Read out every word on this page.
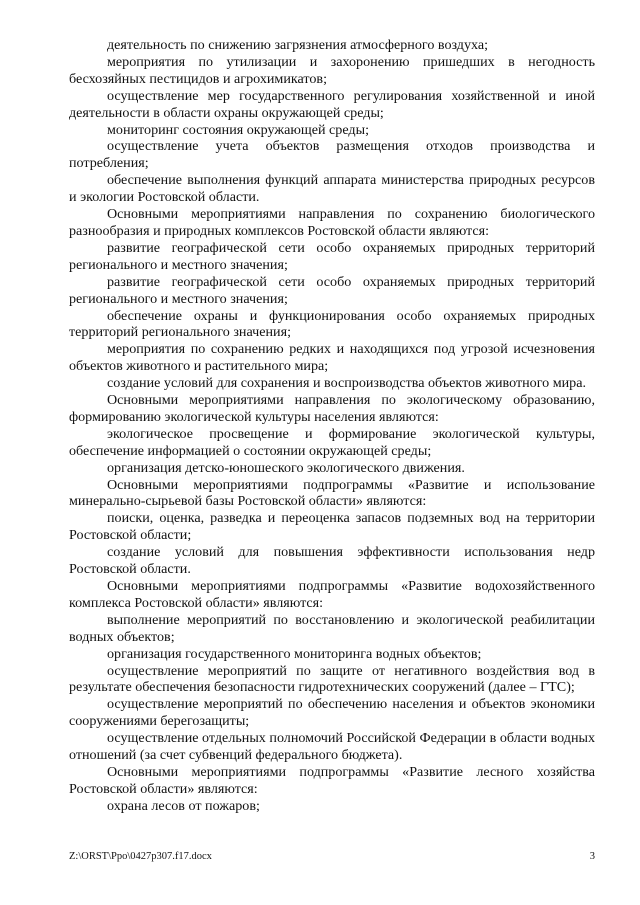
деятельность по снижению загрязнения атмосферного воздуха;

мероприятия по утилизации и захоронению пришедших в негодность бесхозяйных пестицидов и агрохимикатов;

осуществление мер государственного регулирования хозяйственной и иной деятельности в области охраны окружающей среды;

мониторинг состояния окружающей среды;

осуществление учета объектов размещения отходов производства и потребления;

обеспечение выполнения функций аппарата министерства природных ресурсов и экологии Ростовской области.

Основными мероприятиями направления по сохранению биологического разнообразия и природных комплексов Ростовской области являются:

развитие географической сети особо охраняемых природных территорий регионального и местного значения;

развитие географической сети особо охраняемых природных территорий регионального и местного значения;

обеспечение охраны и функционирования особо охраняемых природных территорий регионального значения;

мероприятия по сохранению редких и находящихся под угрозой исчезновения объектов животного и растительного мира;

создание условий для сохранения и воспроизводства объектов животного мира.

Основными мероприятиями направления по экологическому образованию, формированию экологической культуры населения являются:

экологическое просвещение и формирование экологической культуры, обеспечение информацией о состоянии окружающей среды;

организация детско-юношеского экологического движения.

Основными мероприятиями подпрограммы «Развитие и использование минерально-сырьевой базы Ростовской области» являются:

поиски, оценка, разведка и переоценка запасов подземных вод на территории Ростовской области;

создание условий для повышения эффективности использования недр Ростовской области.

Основными мероприятиями подпрограммы «Развитие водохозяйственного комплекса Ростовской области» являются:

выполнение мероприятий по восстановлению и экологической реабилитации водных объектов;

организация государственного мониторинга водных объектов;

осуществление мероприятий по защите от негативного воздействия вод в результате обеспечения безопасности гидротехнических сооружений (далее – ГТС);

осуществление мероприятий по обеспечению населения и объектов экономики сооружениями берегозащиты;

осуществление отдельных полномочий Российской Федерации в области водных отношений (за счет субвенций федерального бюджета).

Основными мероприятиями подпрограммы «Развитие лесного хозяйства Ростовской области» являются:

охрана лесов от пожаров;

Z:\ORST\Ppo\0427p307.f17.docx	3
